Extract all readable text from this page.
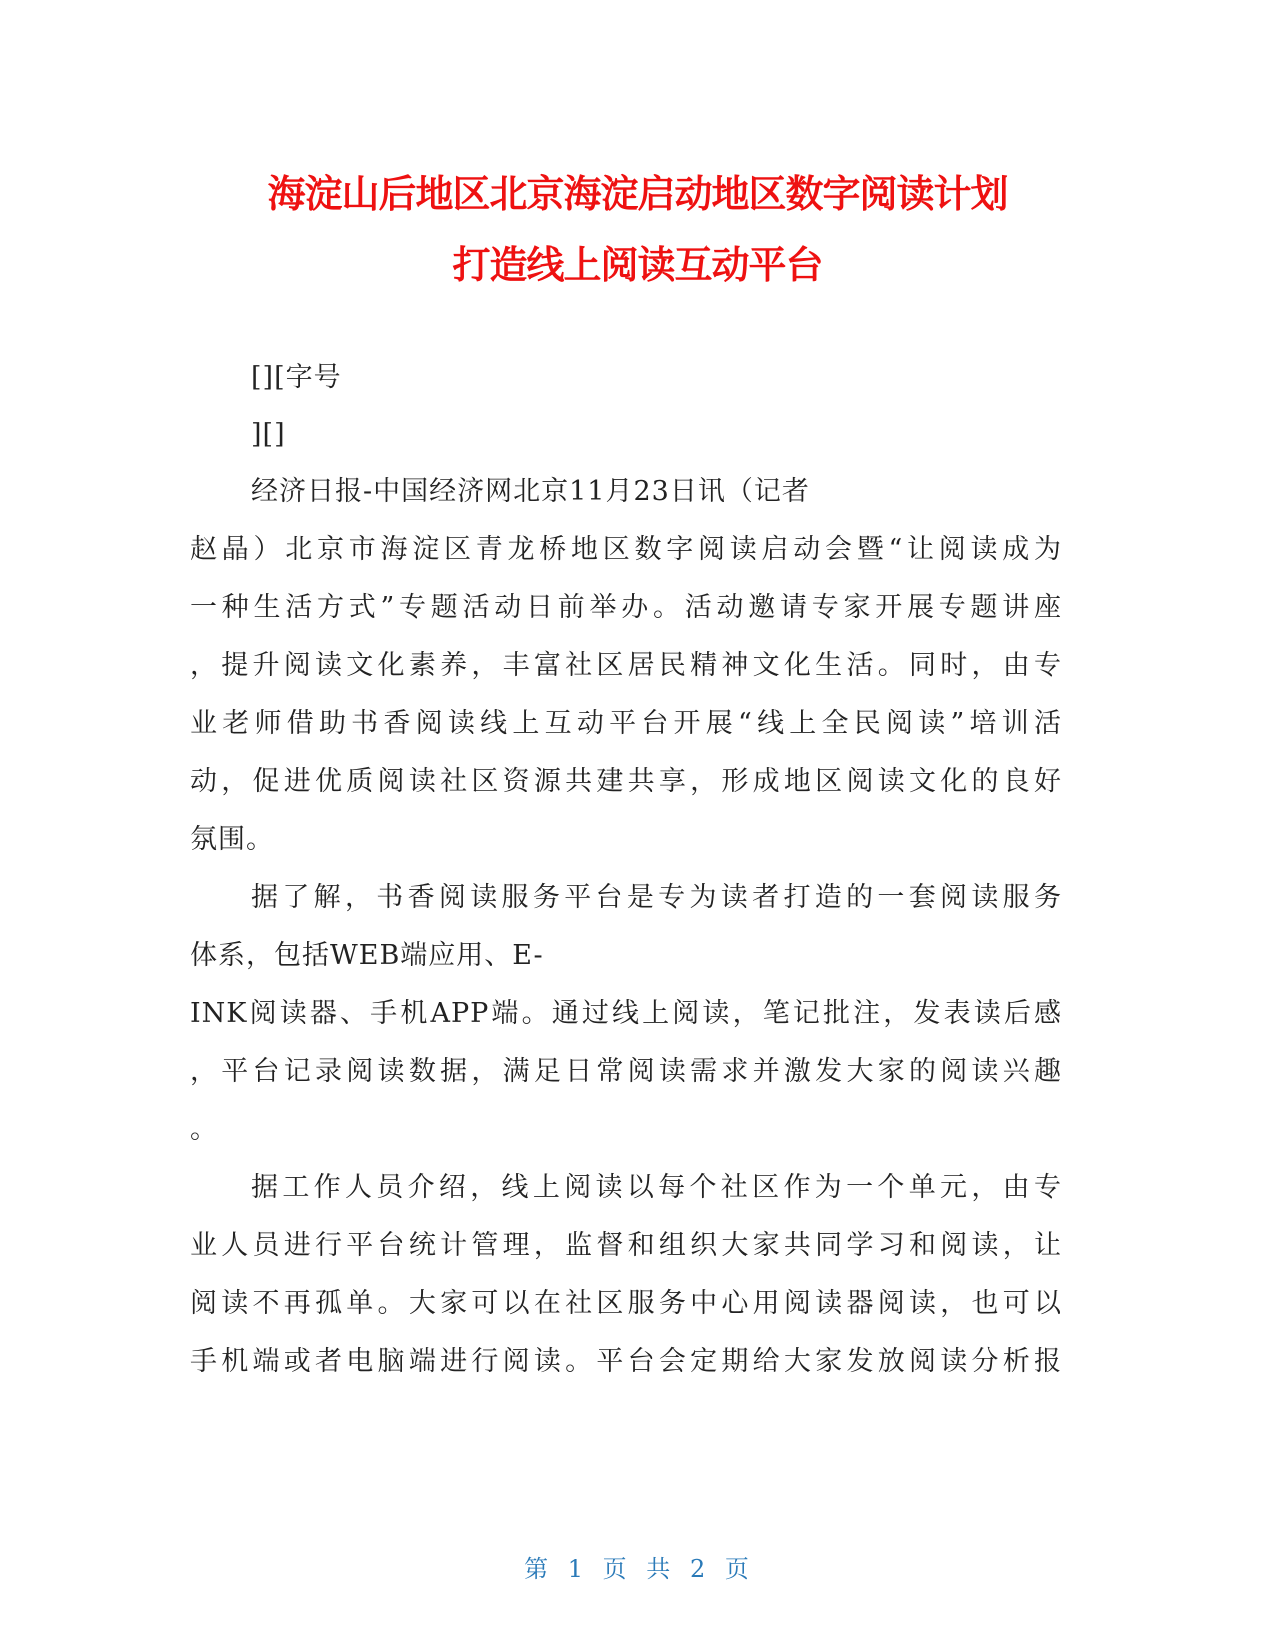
海淀山后地区北京海淀启动地区数字阅读计划
打造线上阅读互动平台
[][字号
][]
经济日报-中国经济网北京11月23日讯（记者
赵晶）北京市海淀区青龙桥地区数字阅读启动会暨“让阅读成为
一种生活方式”专题活动日前举办。活动邀请专家开展专题讲座
，提升阅读文化素养，丰富社区居民精神文化生活。同时，由专
业老师借助书香阅读线上互动平台开展“线上全民阅读”培训活
动，促进优质阅读社区资源共建共享，形成地区阅读文化的良好
氛围。
据了解，书香阅读服务平台是专为读者打造的一套阅读服务
体系，包括WEB端应用、E-
INK阅读器、手机APP端。通过线上阅读，笔记批注，发表读后感
，平台记录阅读数据，满足日常阅读需求并激发大家的阅读兴趣
。
据工作人员介绍，线上阅读以每个社区作为一个单元，由专
业人员进行平台统计管理，监督和组织大家共同学习和阅读，让
阅读不再孤单。大家可以在社区服务中心用阅读器阅读，也可以
手机端或者电脑端进行阅读。平台会定期给大家发放阅读分析报
第 1 页 共 2 页
